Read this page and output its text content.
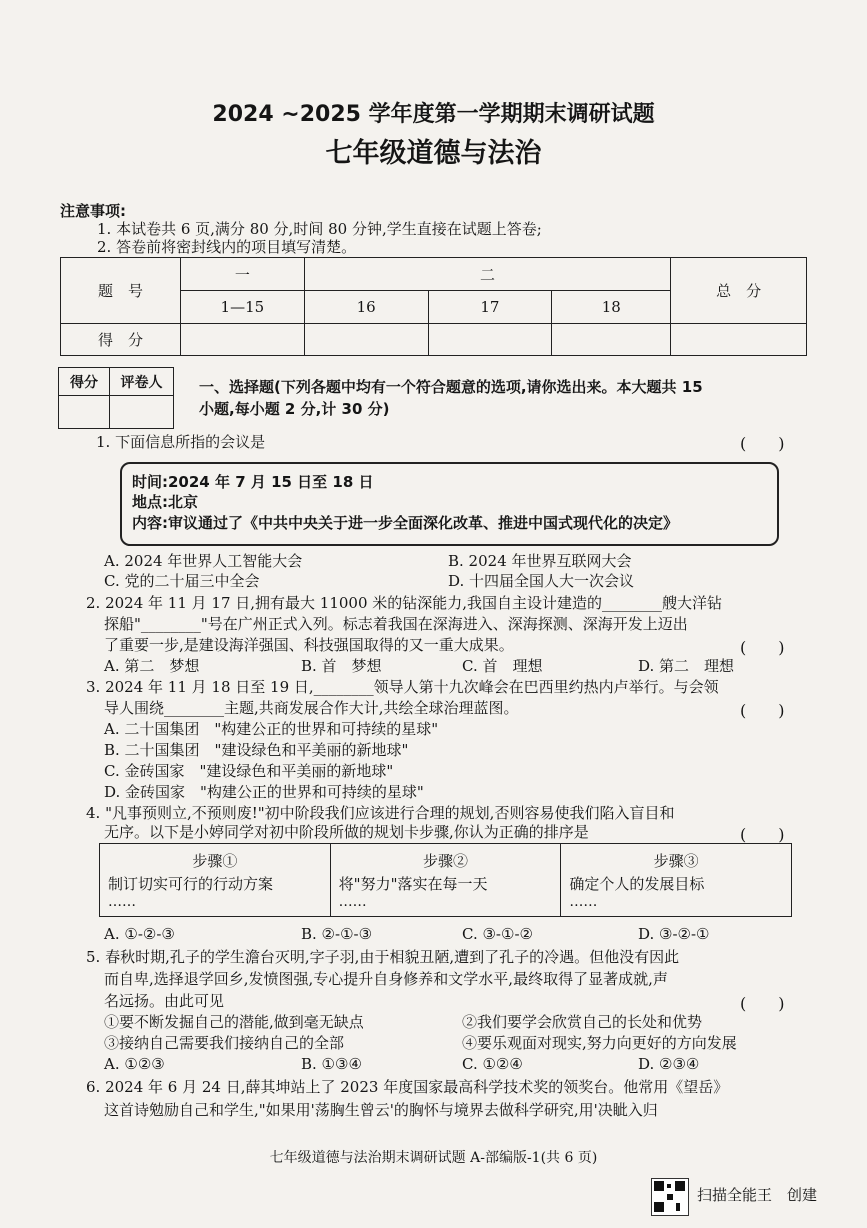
2024 ~2025 学年度第一学期期末调研试题
七年级道德与法治
注意事项:
1. 本试卷共 6 页,满分 80 分,时间 80 分钟,学生直接在试题上答卷;
2. 答卷前将密封线内的项目填写清楚。
题　号	一	二			总　分
	1—15	16	17	18	
得　分					
得分	评卷人
	一、选择题(下列各题中均有一个符合题意的选项,请你选出来。本大题共 15
小题,每小题 2 分,计 30 分)
1. 下面信息所指的会议是	(　　)
时间:2024 年 7 月 15 日至 18 日
地点:北京
内容:审议通过了《中共中央关于进一步全面深化改革、推进中国式现代化的决定》
A. 2024 年世界人工智能大会	B. 2024 年世界互联网大会
C. 党的二十届三中全会	D. 十四届全国人大一次会议
2. 2024 年 11 月 17 日,拥有最大 11000 米的钻深能力,我国自主设计建造的________艘大洋钻
探船"________"号在广州正式入列。标志着我国在深海进入、深海探测、深海开发上迈出
了重要一步,是建设海洋强国、科技强国取得的又一重大成果。	(　　)
A. 第二　梦想	B. 首　梦想	C. 首　理想	D. 第二　理想
3. 2024 年 11 月 18 日至 19 日,________领导人第十九次峰会在巴西里约热内卢举行。与会领
导人围绕________主题,共商发展合作大计,共绘全球治理蓝图。	(　　)
A. 二十国集团　"构建公正的世界和可持续的星球"
B. 二十国集团　"建设绿色和平美丽的新地球"
C. 金砖国家　"建设绿色和平美丽的新地球"
D. 金砖国家　"构建公正的世界和可持续的星球"
4. "凡事预则立,不预则废!"初中阶段我们应该进行合理的规划,否则容易使我们陷入盲目和
无序。以下是小婷同学对初中阶段所做的规划卡步骤,你认为正确的排序是	(　　)
步骤①
制订切实可行的行动方案
……
步骤②
将"努力"落实在每一天
……
步骤③
确定个人的发展目标
……
A. ①-②-③	B. ②-①-③	C. ③-①-②	D. ③-②-①
5. 春秋时期,孔子的学生澹台灭明,字子羽,由于相貌丑陋,遭到了孔子的冷遇。但他没有因此
而自卑,选择退学回乡,发愤图强,专心提升自身修养和文学水平,最终取得了显著成就,声
名远扬。由此可见	(　　)
①要不断发掘自己的潜能,做到毫无缺点	②我们要学会欣赏自己的长处和优势
③接纳自己需要我们接纳自己的全部	④要乐观面对现实,努力向更好的方向发展
A. ①②③	B. ①③④	C. ①②④	D. ②③④
6. 2024 年 6 月 24 日,薛其坤站上了 2023 年度国家最高科学技术奖的领奖台。他常用《望岳》
这首诗勉励自己和学生,"如果用'荡胸生曾云'的胸怀与境界去做科学研究,用'决眦入归
七年级道德与法治期末调研试题 A-部编版-1(共 6 页)
扫描全能王　创建
